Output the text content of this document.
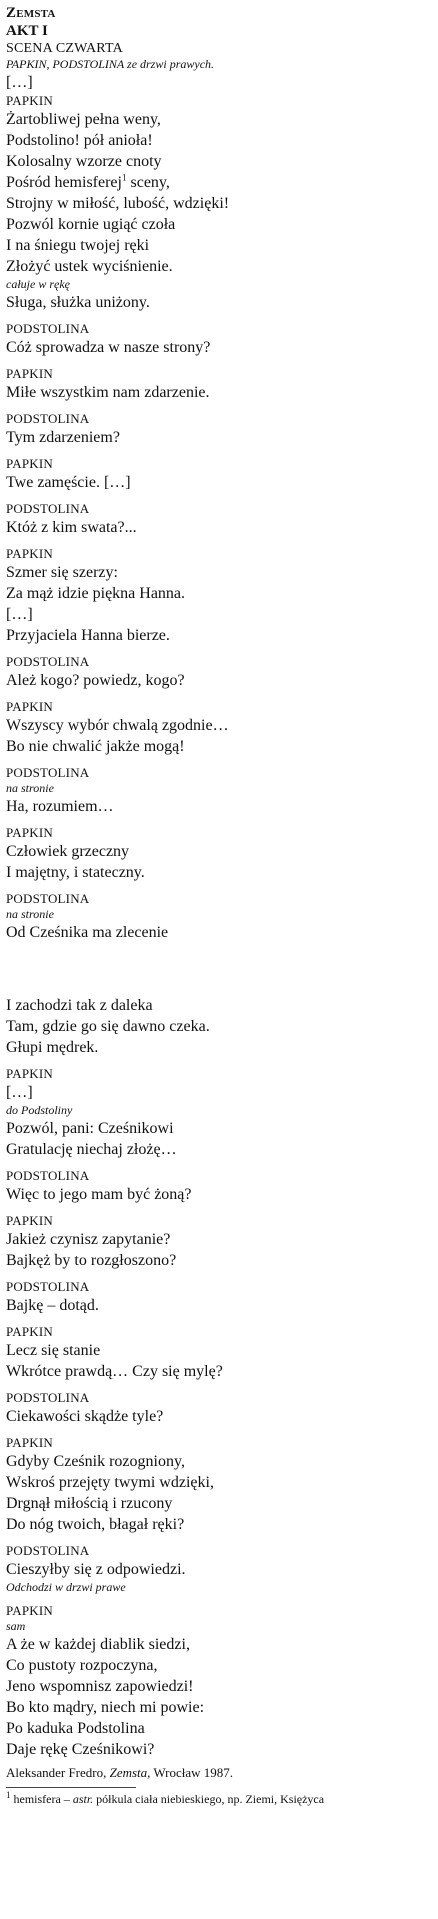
Zemsta
AKT I
SCENA CZWARTA
PAPKIN, PODSTOLINA ze drzwi prawych.
[…]
PAPKIN
Żartobliwej pełna weny,
Podstolino! pół anioła!
Kolosalny wzorze cnoty
Pośród hemisferej$^1$ sceny,
Strojny w miłość, lubość, wdzięki!
Pozwól kornie ugiąć czoła
I na śniegu twojej ręki
Złożyć ustek wyciśnienie.
całuje w rękę
Sługa, służka uniżony.
PODSTOLINA
Cóż sprowadza w nasze strony?
PAPKIN
Miłe wszystkim nam zdarzenie.
PODSTOLINA
Tym zdarzeniem?
PAPKIN
Twe zamęście. […]
PODSTOLINA
Któż z kim swata?...
PAPKIN
Szmer się szerzy:
Za mąż idzie piękna Hanna.
[…]
Przyjaciela Hanna bierze.
PODSTOLINA
Ależ kogo? powiedz, kogo?
PAPKIN
Wszyscy wybór chwalą zgodnie…
Bo nie chwalić jakże mogą!
PODSTOLINA
na stronie
Ha, rozumiem…
PAPKIN
Człowiek grzeczny
I majętny, i stateczny.
PODSTOLINA
na stronie
Od Cześnika ma zlecenie
I zachodzi tak z daleka
Tam, gdzie go się dawno czeka.
Głupi mędrek.
PAPKIN
[…]
do Podstoliny
Pozwól, pani: Cześnikowi
Gratulację niechaj złożę…
PODSTOLINA
Więc to jego mam być żoną?
PAPKIN
Jakież czynisz zapytanie?
Bajkęż by to rozgłoszono?
PODSTOLINA
Bajkę – dotąd.
PAPKIN
Lecz się stanie
Wkrótce prawdą… Czy się mylę?
PODSTOLINA
Ciekawości skądże tyle?
PAPKIN
Gdyby Cześnik rozogniony,
Wskroś przejęty twymi wdzięki,
Drgnął miłością i rzucony
Do nóg twoich, błagał ręki?
PODSTOLINA
Cieszyłby się z odpowiedzi.
Odchodzi w drzwi prawe
PAPKIN
sam
A że w każdej diablik siedzi,
Co pustoty rozpoczyna,
Jeno wspomnisz zapowiedzi!
Bo kto mądry, niech mi powie:
Po kaduka Podstolina
Daje rękę Cześnikowi?
Aleksander Fredro, Zemsta, Wrocław 1987.
$^1$ hemisfera – astr. półkula ciała niebieskiego, np. Ziemi, Księżyca
